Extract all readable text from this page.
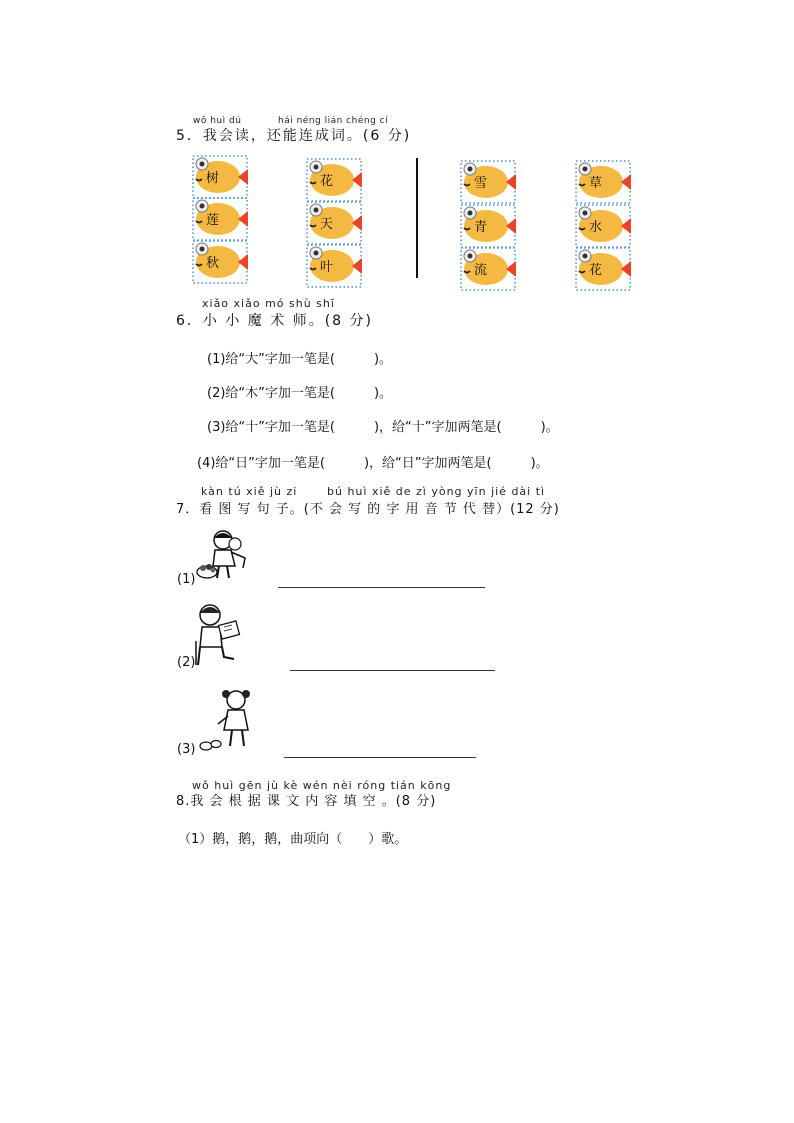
wǒ huì dú	hái néng lián chéng cí
5．我会读，还能连成词。(6 分)
树
莲
秋
花
天
叶
雪
青
流
草
水
花
xiǎo xiǎo mó shù shī
6．小 小 魔 术 师。(8 分)
(1)给“大”字加一笔是(　　　)。
(2)给“木”字加一笔是(　　　)。
(3)给“十”字加一笔是(　　　)，给“十”字加两笔是(　　　)。
(4)给“日”字加一笔是(　　　)，给“日”字加两笔是(　　　)。
kàn tú xiě jù zi	bú huì xiě de zì yòng yīn jié dài tì
7．看 图 写 句 子。(不 会 写 的 字 用 音 节 代 替）(12 分)
(1)
(2)
(3)
wǒ huì gēn jù kè wén nèi róng tián kōng
8.我 会 根 据 课 文 内 容 填 空 。(8 分)
（1）鹅，鹅，鹅，曲项向（　　）歌。
